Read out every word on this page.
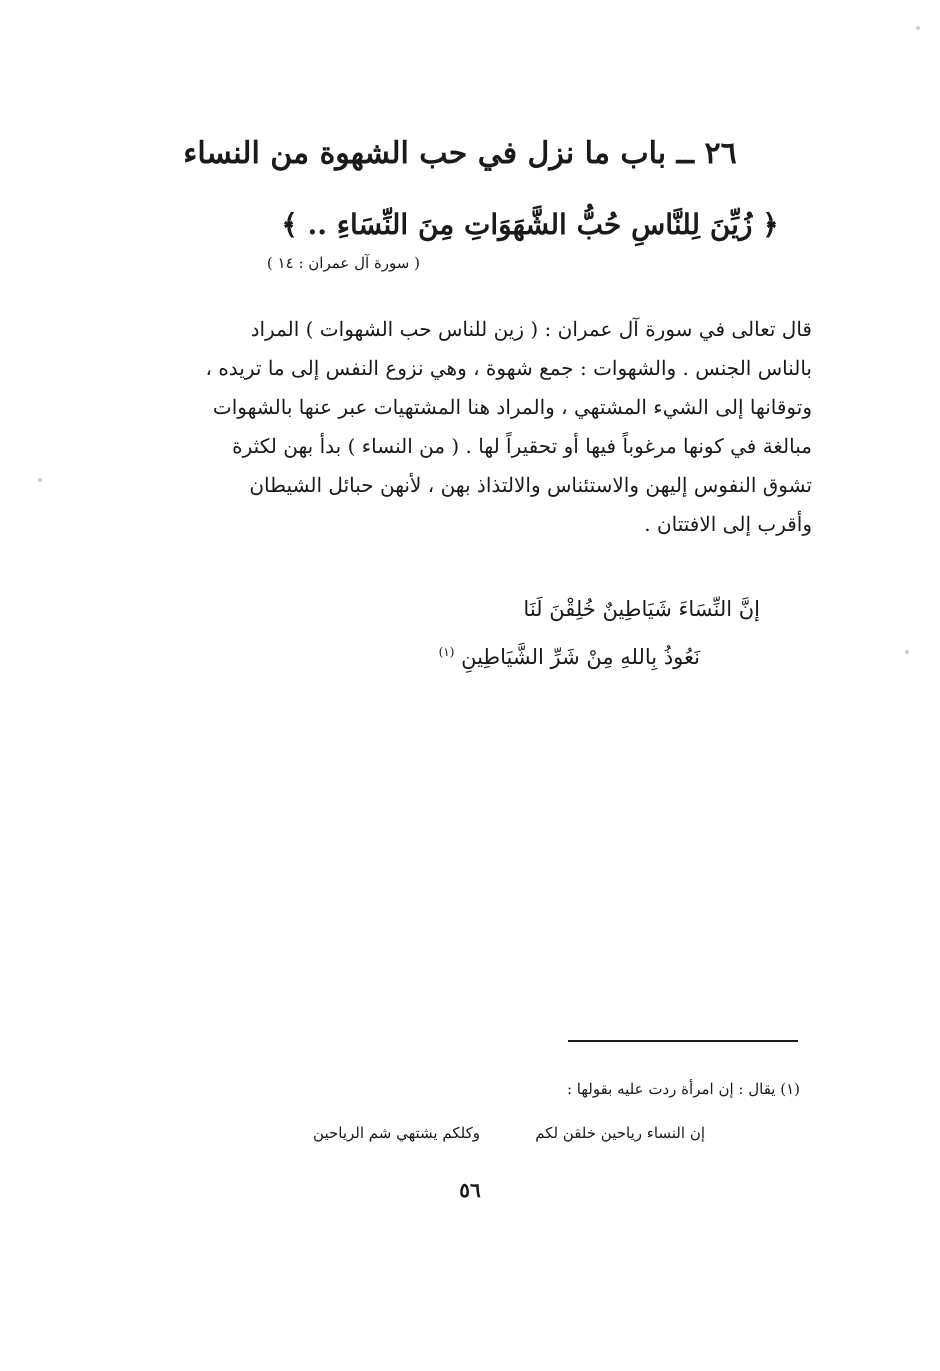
٢٦ ــ باب ما نزل في حب الشهوة من النساء
﴿ زُيِّنَ لِلنَّاسِ حُبُّ الشَّهَوَاتِ مِنَ النِّسَاءِ .. ﴾
( سورة آل عمران : ١٤ )
قال تعالى في سورة آل عمران : ( زين للناس حب الشهوات ) المراد
بالناس الجنس . والشهوات : جمع شهوة ، وهي نزوع النفس إلى ما تريده ،
وتوقانها إلى الشيء المشتهي ، والمراد هنا المشتهيات عبر عنها بالشهوات
مبالغة في كونها مرغوباً فيها أو تحقيراً لها . ( من النساء ) بدأ بهن لكثرة
تشوق النفوس إليهن والاستئناس والالتذاذ بهن ، لأنهن حبائل الشيطان
وأقرب إلى الافتتان .
إنَّ النِّسَاءَ شَيَاطِينٌ خُلِقْنَ لَنَا
نَعُوذُ بِاللهِ مِنْ شَرِّ الشَّيَاطِينِ $^{(١)}$
(١) يقال : إن امرأة ردت عليه بقولها :
إن النساء رياحين خلقن لكم
وكلكم يشتهي شم الرياحين
٥٦
